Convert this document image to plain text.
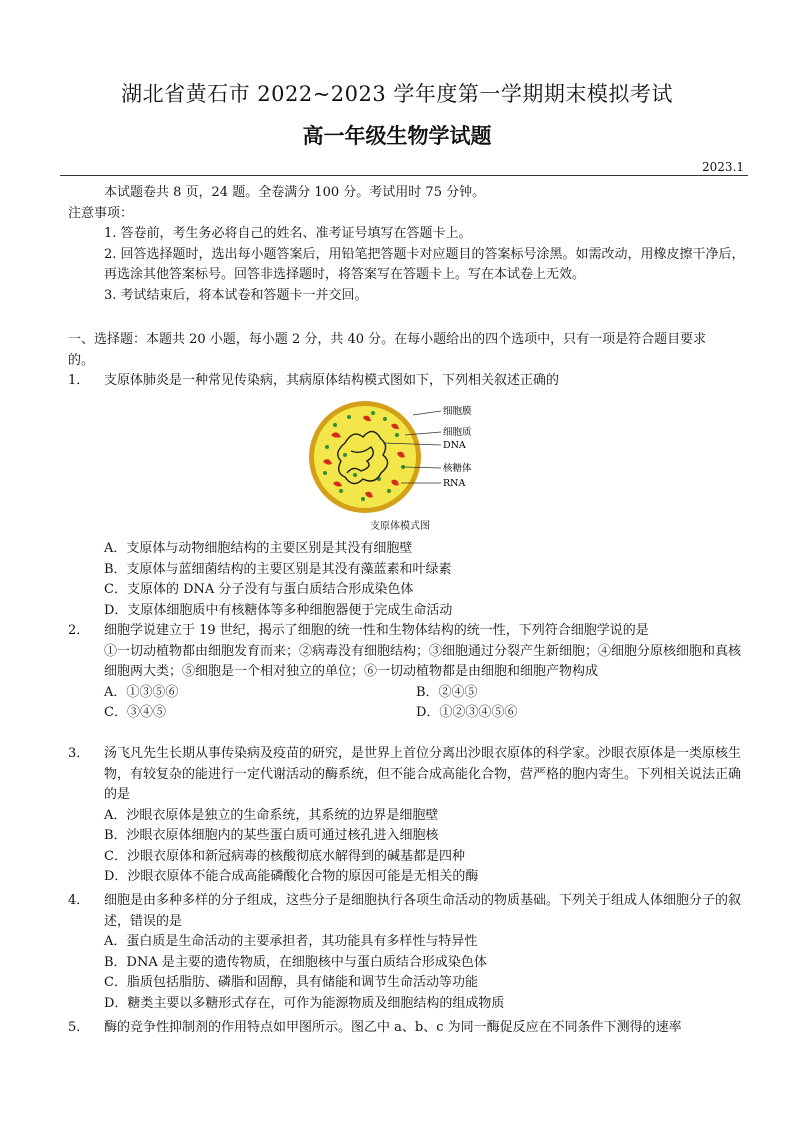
湖北省黄石市 2022~2023 学年度第一学期期末模拟考试
高一年级生物学试题
2023.1
本试题卷共 8 页，24 题。全卷满分 100 分。考试用时 75 分钟。
注意事项：
1. 答卷前，考生务必将自己的姓名、准考证号填写在答题卡上。
2. 回答选择题时，选出每小题答案后，用铅笔把答题卡对应题目的答案标号涂黑。如需改动，用橡皮擦干净后，再选涂其他答案标号。回答非选择题时，将答案写在答题卡上。写在本试卷上无效。
3. 考试结束后，将本试卷和答题卡一并交回。
一、选择题：本题共 20 小题，每小题 2 分，共 40 分。在每小题给出的四个选项中，只有一项是符合题目要求的。
1．	支原体肺炎是一种常见传染病，其病原体结构模式图如下，下列相关叙述正确的
细胞膜
细胞质
DNA
核糖体
RNA
支原体模式图
A．支原体与动物细胞结构的主要区别是其没有细胞壁
B．支原体与蓝细菌结构的主要区别是其没有藻蓝素和叶绿素
C．支原体的 DNA 分子没有与蛋白质结合形成染色体
D．支原体细胞质中有核糖体等多种细胞器便于完成生命活动
2．	细胞学说建立于 19 世纪，揭示了细胞的统一性和生物体结构的统一性，下列符合细胞学说的是
①一切动植物都由细胞发育而来；②病毒没有细胞结构；③细胞通过分裂产生新细胞；④细胞分原核细胞和真核细胞两大类；⑤细胞是一个相对独立的单位；⑥一切动植物都是由细胞和细胞产物构成
A．①③⑤⑥	B．②④⑤
C．③④⑤	D．①②③④⑤⑥
3．	汤飞凡先生长期从事传染病及疫苗的研究，是世界上首位分离出沙眼衣原体的科学家。沙眼衣原体是一类原核生物，有较复杂的能进行一定代谢活动的酶系统，但不能合成高能化合物，营严格的胞内寄生。下列相关说法正确的是
A．沙眼衣原体是独立的生命系统，其系统的边界是细胞壁
B．沙眼衣原体细胞内的某些蛋白质可通过核孔进入细胞核
C．沙眼衣原体和新冠病毒的核酸彻底水解得到的碱基都是四种
D．沙眼衣原体不能合成高能磷酸化合物的原因可能是无相关的酶
4．	细胞是由多种多样的分子组成，这些分子是细胞执行各项生命活动的物质基础。下列关于组成人体细胞分子的叙述，错误的是
A．蛋白质是生命活动的主要承担者，其功能具有多样性与特异性
B．DNA 是主要的遗传物质，在细胞核中与蛋白质结合形成染色体
C．脂质包括脂肪、磷脂和固醇，具有储能和调节生命活动等功能
D．糖类主要以多糖形式存在，可作为能源物质及细胞结构的组成物质
5．	酶的竞争性抑制剂的作用特点如甲图所示。图乙中 a、b、c 为同一酶促反应在不同条件下测得的速率
